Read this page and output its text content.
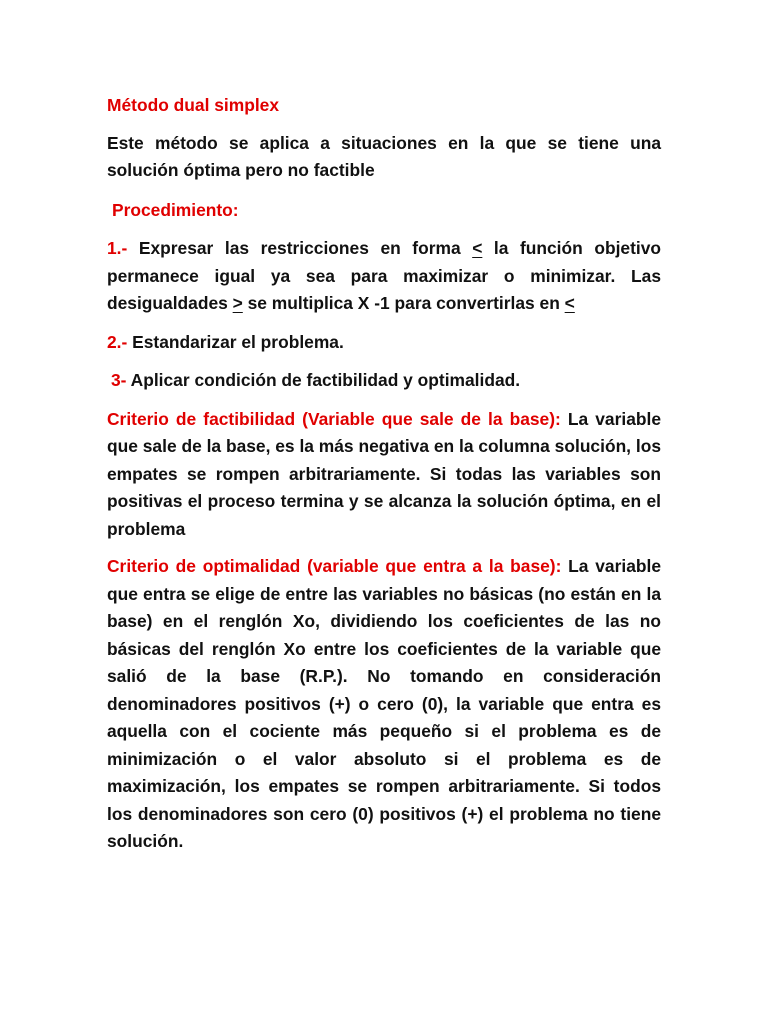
Método dual simplex

Este método se aplica a situaciones en la que se tiene una solución óptima pero no factible

Procedimiento:

1.- Expresar las restricciones en forma < la función objetivo permanece igual ya sea para maximizar o minimizar. Las desigualdades > se multiplica X -1 para convertirlas en <

2.- Estandarizar el problema.

3- Aplicar condición de factibilidad y optimalidad.

Criterio de factibilidad (Variable que sale de la base): La variable que sale de la base, es la más negativa en la columna solución, los empates se rompen arbitrariamente. Si todas las variables son positivas el proceso termina y se alcanza la solución óptima, en el problema

Criterio de optimalidad (variable que entra a la base): La variable que entra se elige de entre las variables no básicas (no están en la base) en el renglón Xo, dividiendo los coeficientes de las no básicas del renglón Xo entre los coeficientes de la variable que salió de la base (R.P.). No tomando en consideración denominadores positivos (+) o cero (0), la variable que entra es aquella con el cociente más pequeño si el problema es de minimización o el valor absoluto si el problema es de maximización, los empates se rompen arbitrariamente. Si todos los denominadores son cero (0) positivos (+) el problema no tiene solución.
